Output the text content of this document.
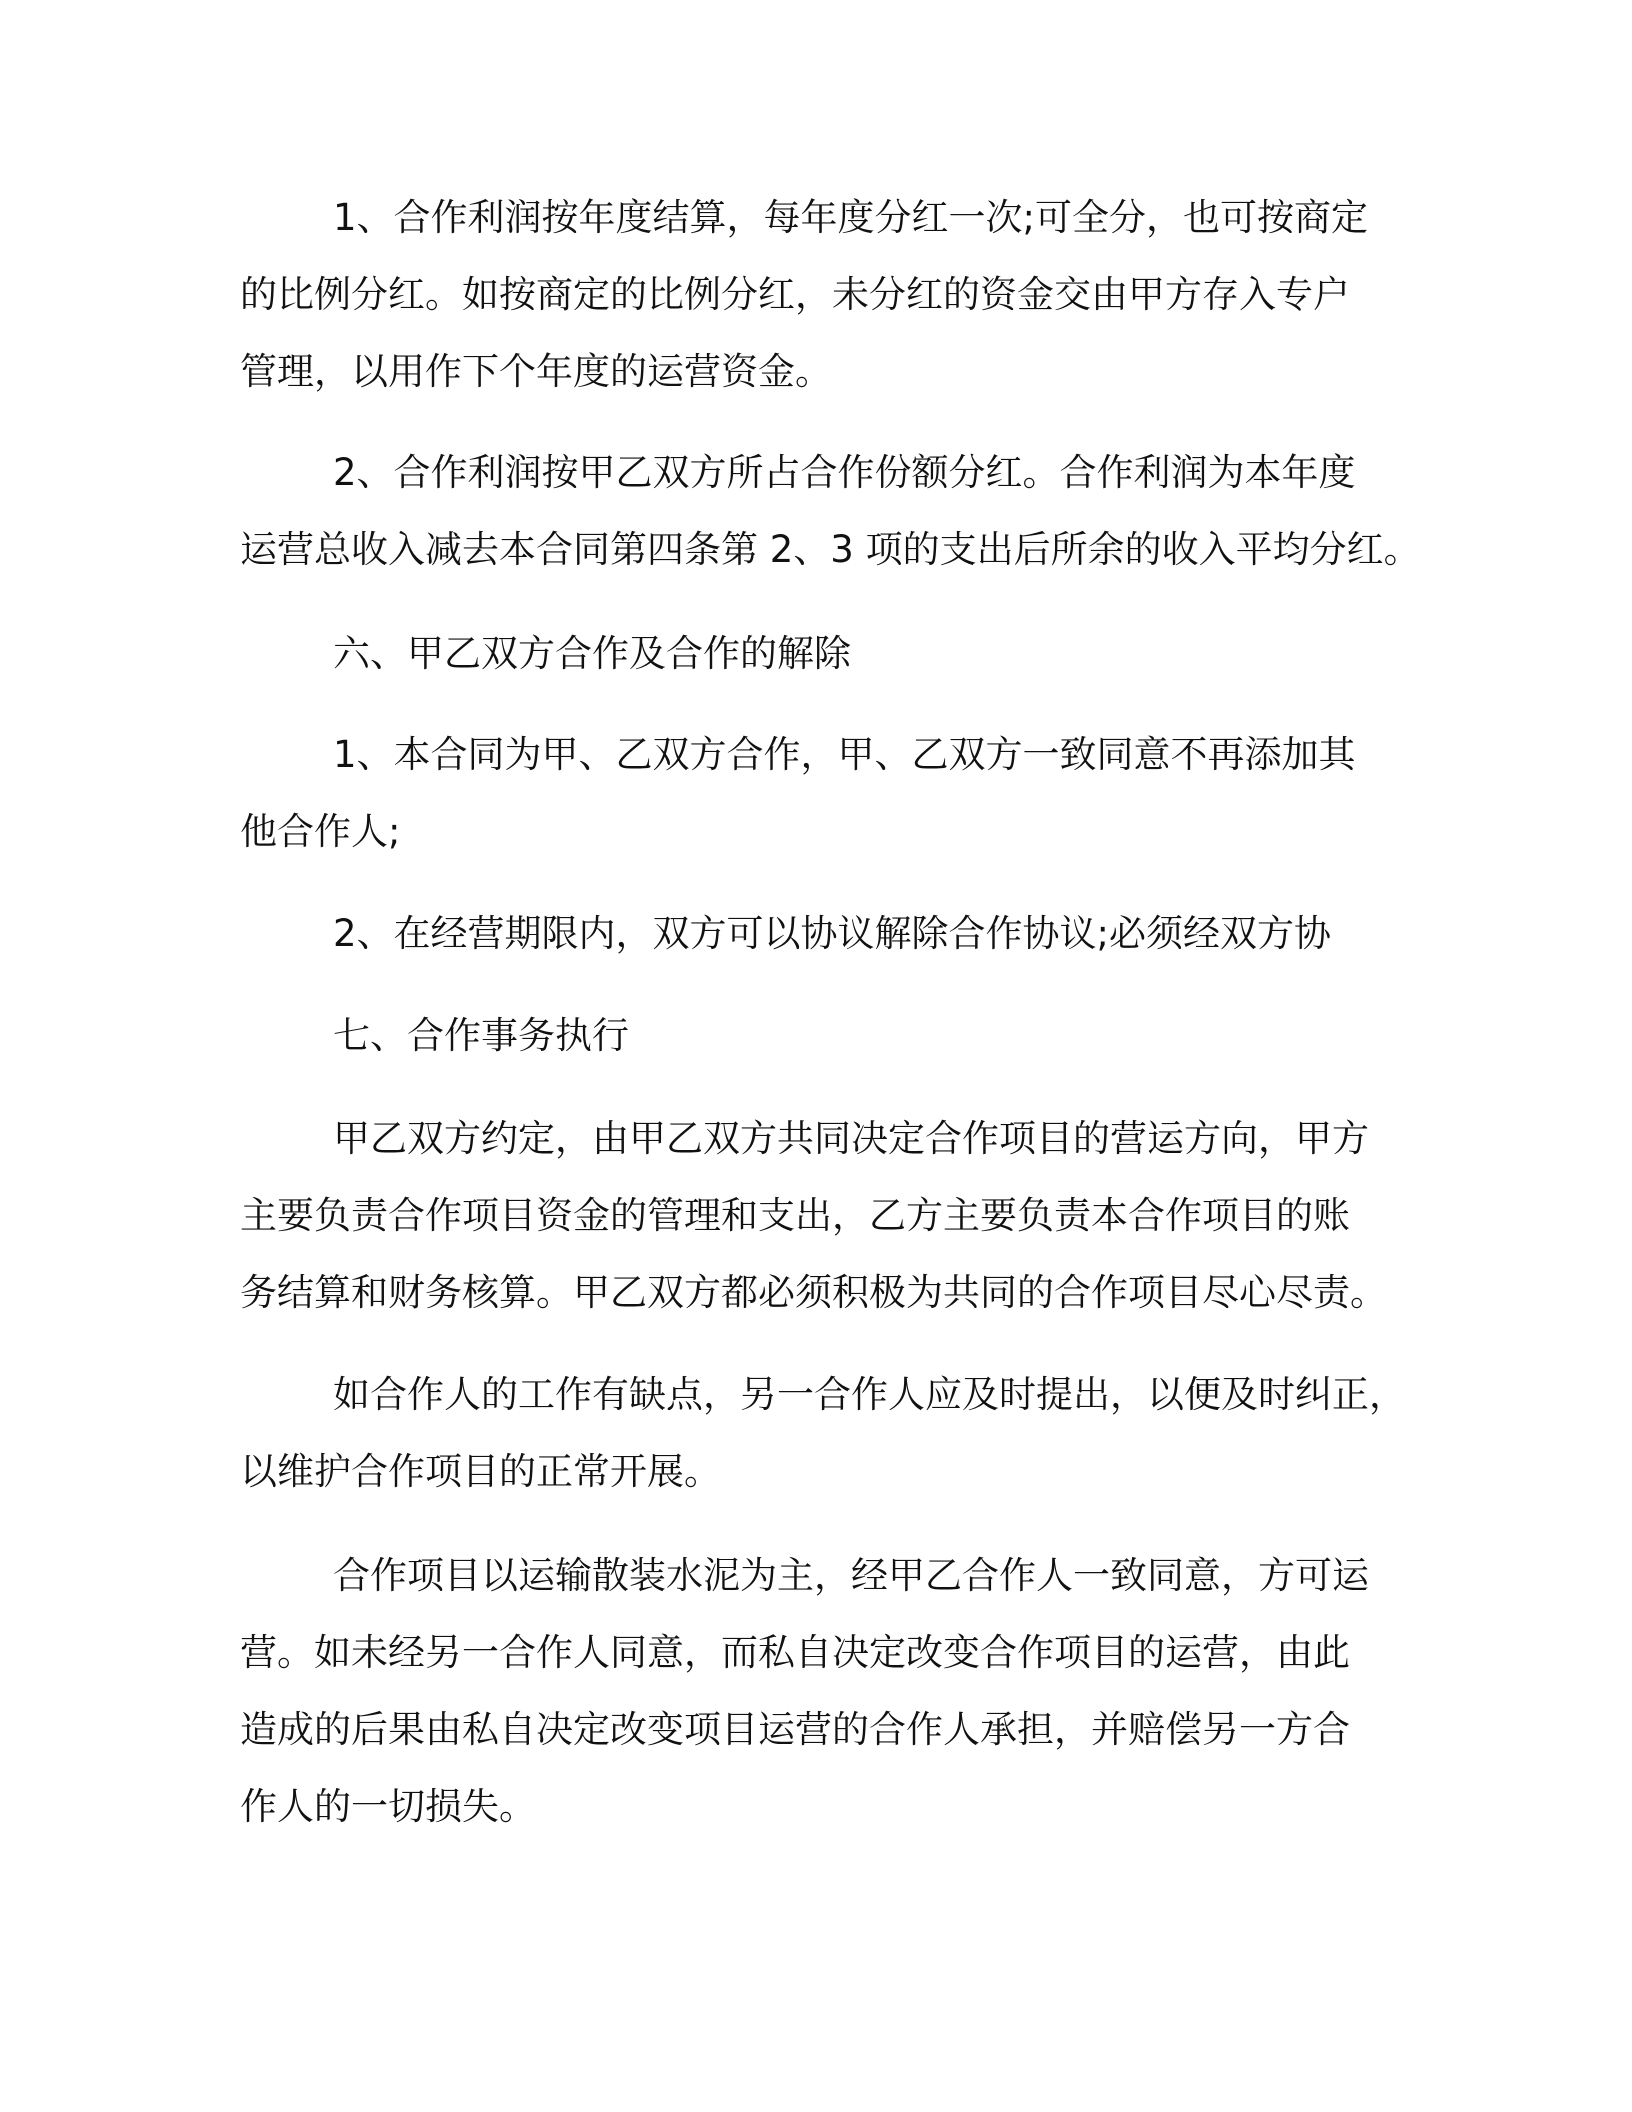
1、合作利润按年度结算，每年度分红一次;可全分，也可按商定
的比例分红。如按商定的比例分红，未分红的资金交由甲方存入专户
管理，以用作下个年度的运营资金。
2、合作利润按甲乙双方所占合作份额分红。合作利润为本年度
运营总收入减去本合同第四条第 2、3 项的支出后所余的收入平均分红。
六、甲乙双方合作及合作的解除
1、本合同为甲、乙双方合作，甲、乙双方一致同意不再添加其
他合作人;
2、在经营期限内，双方可以协议解除合作协议;必须经双方协
七、合作事务执行
甲乙双方约定，由甲乙双方共同决定合作项目的营运方向，甲方
主要负责合作项目资金的管理和支出，乙方主要负责本合作项目的账
务结算和财务核算。甲乙双方都必须积极为共同的合作项目尽心尽责。
如合作人的工作有缺点，另一合作人应及时提出，以便及时纠正，
以维护合作项目的正常开展。
合作项目以运输散装水泥为主，经甲乙合作人一致同意，方可运
营。如未经另一合作人同意，而私自决定改变合作项目的运营，由此
造成的后果由私自决定改变项目运营的合作人承担，并赔偿另一方合
作人的一切损失。
